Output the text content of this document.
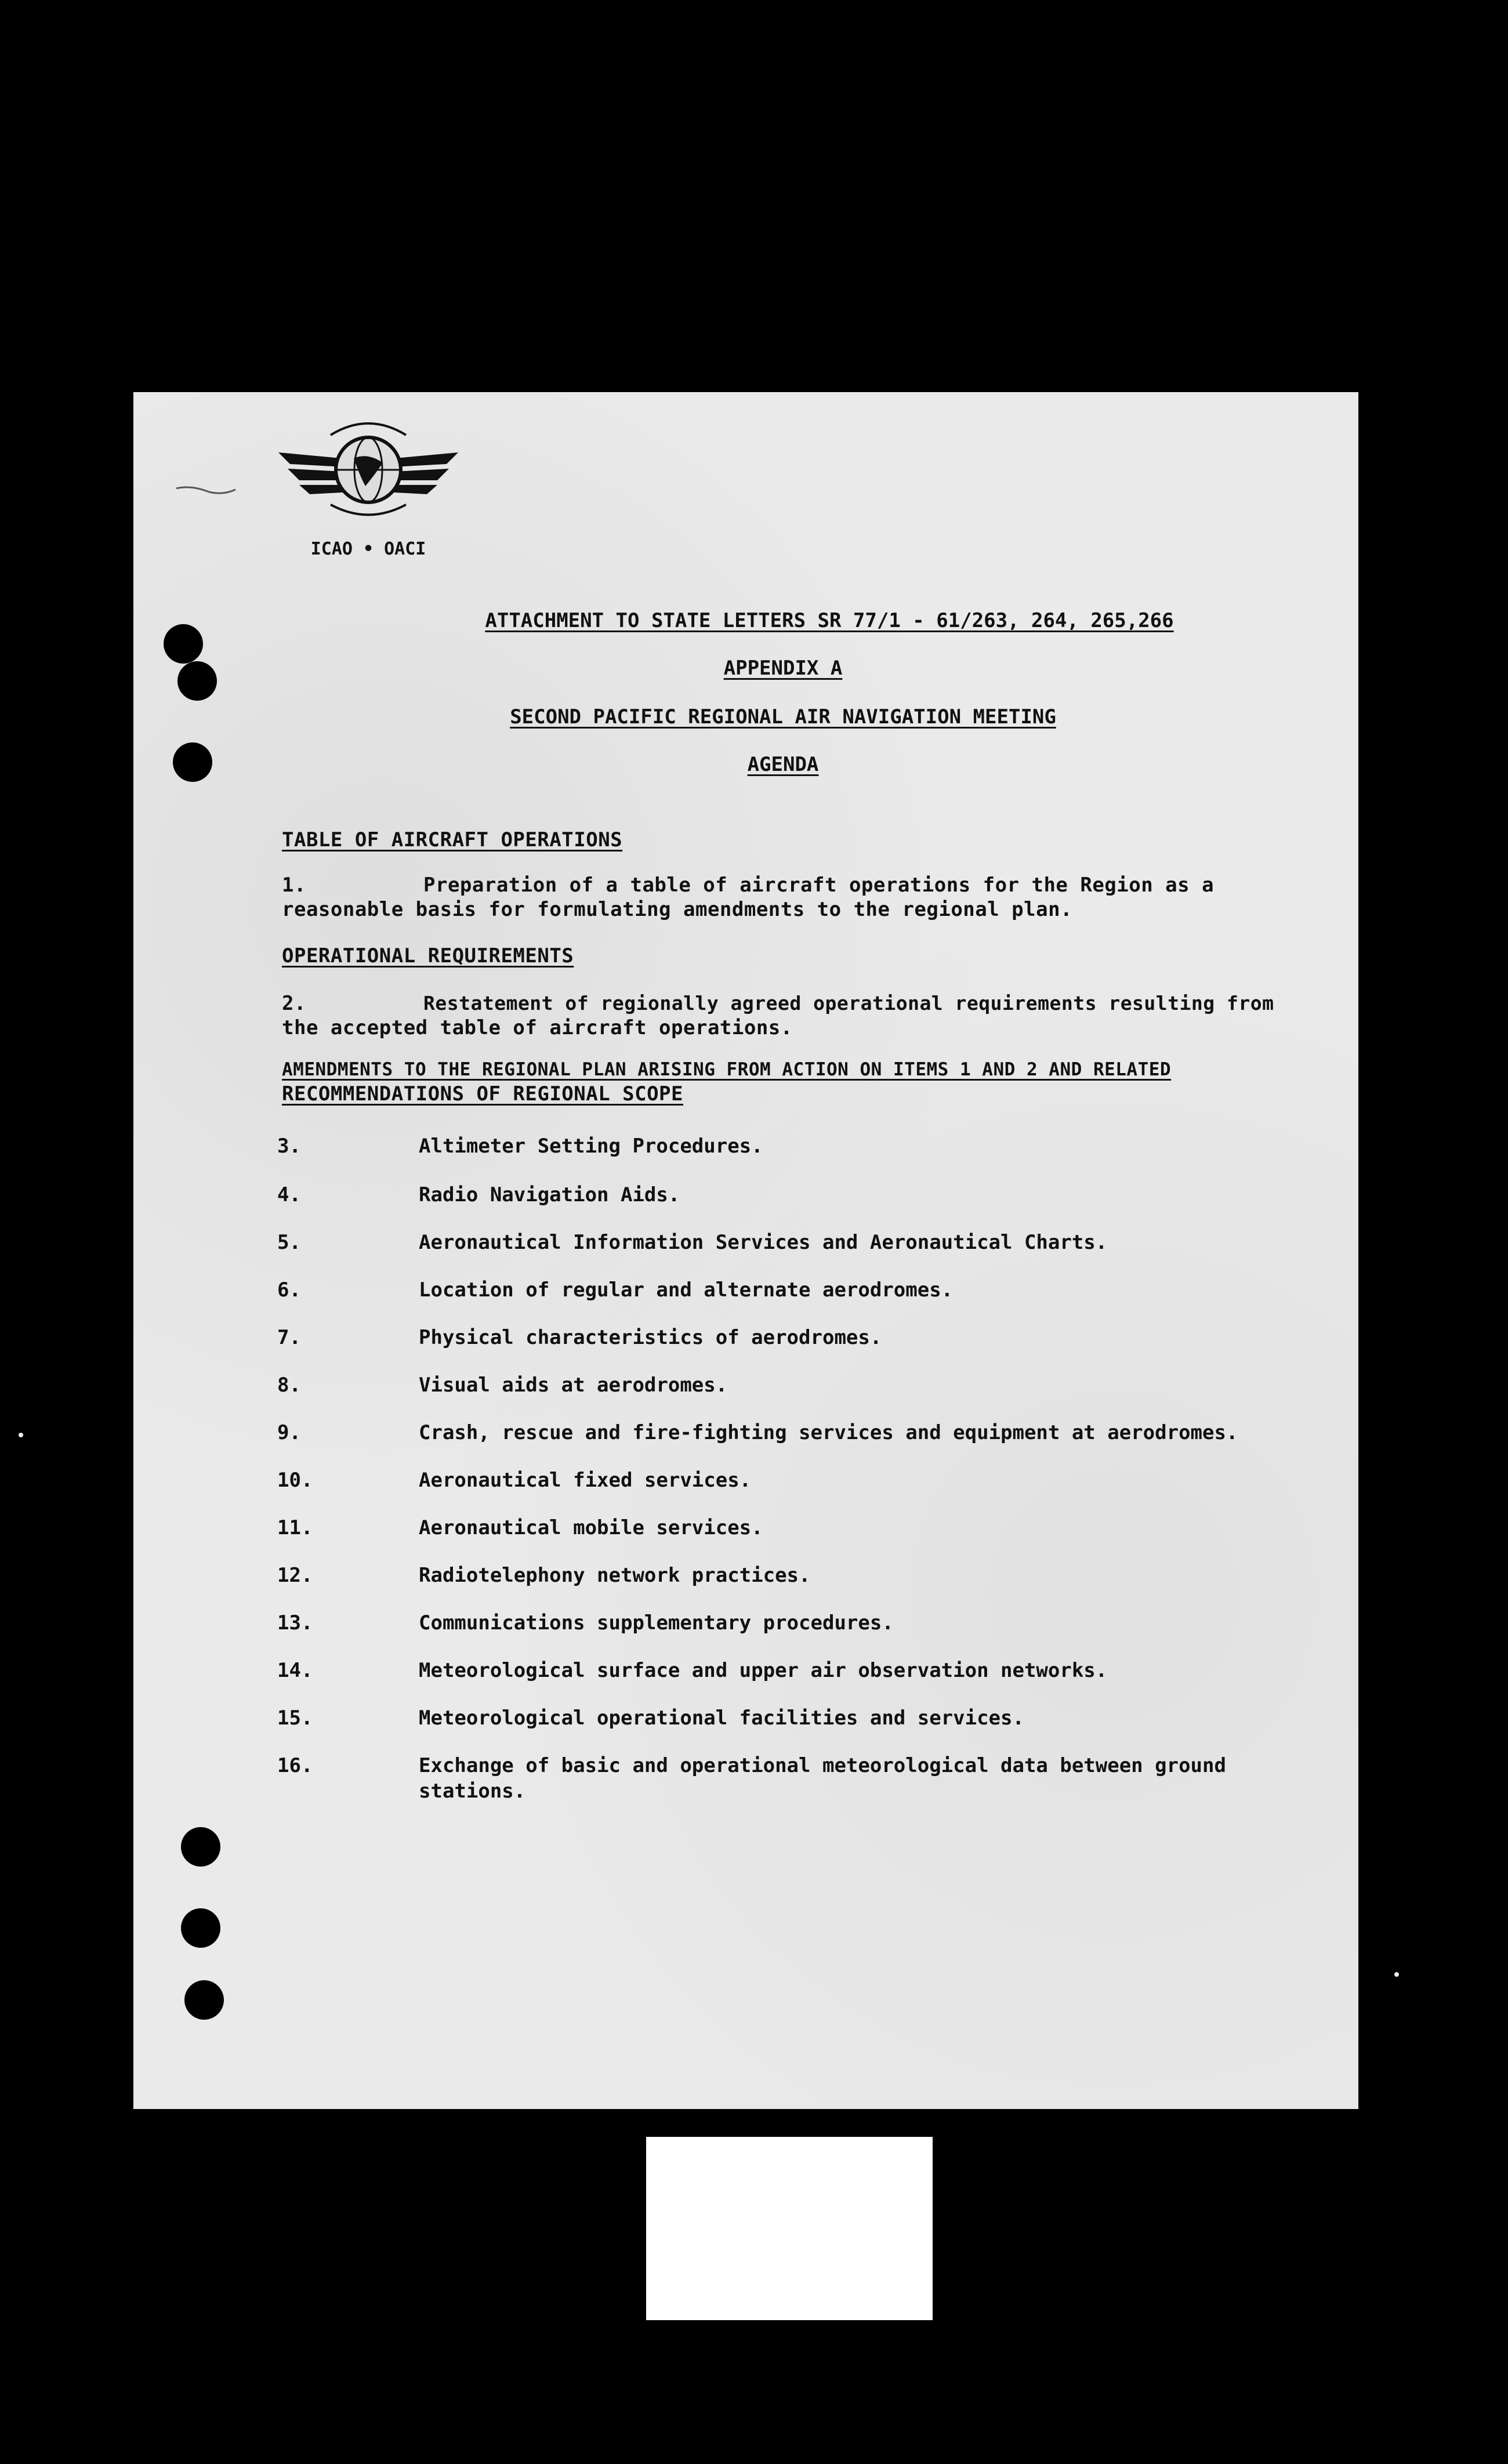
ICAO • OACI
ATTACHMENT TO STATE LETTERS SR 77/1 - 61/263, 264, 265,266
APPENDIX A
SECOND PACIFIC REGIONAL AIR NAVIGATION MEETING
AGENDA
TABLE OF AIRCRAFT OPERATIONS
1.	Preparation of a table of aircraft operations for the Region as a
reasonable basis for formulating amendments to the regional plan.
OPERATIONAL REQUIREMENTS
2.	Restatement of regionally agreed operational requirements resulting from
the accepted table of aircraft operations.
AMENDMENTS TO THE REGIONAL PLAN ARISING FROM ACTION ON ITEMS 1 AND 2 AND RELATED
RECOMMENDATIONS OF REGIONAL SCOPE
3.	Altimeter Setting Procedures.
4.	Radio Navigation Aids.
5.	Aeronautical Information Services and Aeronautical Charts.
6.	Location of regular and alternate aerodromes.
7.	Physical characteristics of aerodromes.
8.	Visual aids at aerodromes.
9.	Crash, rescue and fire-fighting services and equipment at aerodromes.
10.	Aeronautical fixed services.
11.	Aeronautical mobile services.
12.	Radiotelephony network practices.
13.	Communications supplementary procedures.
14.	Meteorological surface and upper air observation networks.
15.	Meteorological operational facilities and services.
16.	Exchange of basic and operational meteorological data between ground
stations.
